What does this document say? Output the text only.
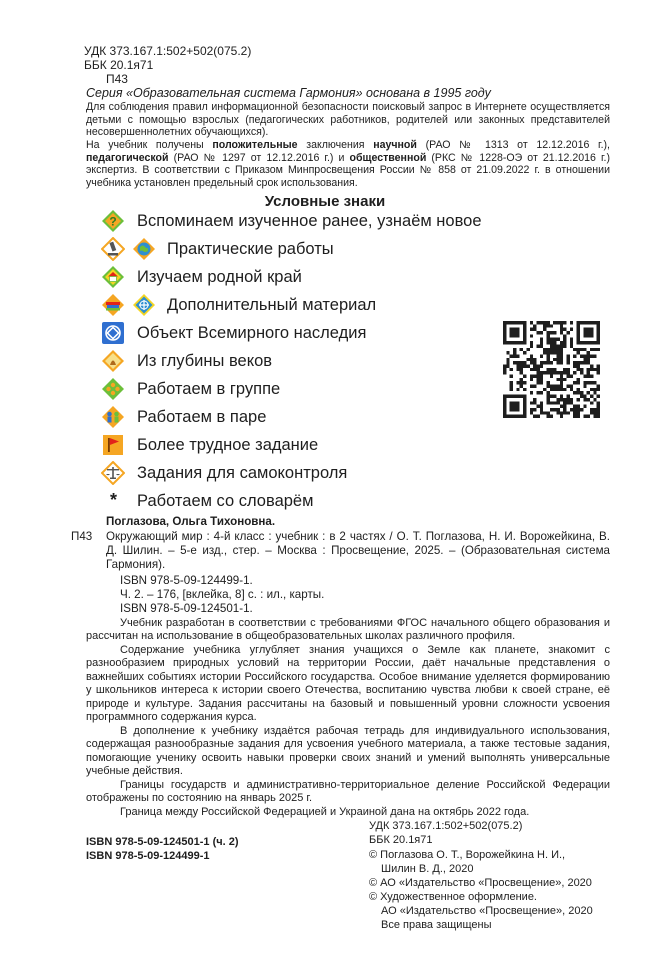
УДК 373.167.1:502+502(075.2)
ББК 20.1я71
П43
Серия «Образовательная система Гармония» основана в 1995 году
Для соблюдения правил информационной безопасности поисковый запрос в Интернете осуществляется детьми с помощью взрослых (педагогических работников, родителей или законных представителей несовершеннолетних обучающихся).
На учебник получены положительные заключения научной (РАО № 1313 от 12.12.2016 г.), педагогической (РАО № 1297 от 12.12.2016 г.) и общественной (РКС № 1228-ОЭ от 21.12.2016 г.) экспертиз. В соответствии с Приказом Минпросвещения России № 858 от 21.09.2022 г. в отношении учебника установлен предельный срок использования.
Условные знаки
? Вспоминаем изученное ранее, узнаём новое
Практические работы
Изучаем родной край
Дополнительный материал
Объект Всемирного наследия
Из глубины веков
Работаем в группе
Работаем в паре
Более трудное задание
Задания для самоконтроля
* Работаем со словарём
Поглазова, Ольга Тихоновна.
П43 Окружающий мир : 4-й класс : учебник : в 2 частях / О. Т. Поглазова, Н. И. Ворожейкина, В. Д. Шилин. – 5-е изд., стер. – Москва : Просвещение, 2025. – (Образовательная система Гармония).
ISBN 978-5-09-124499-1.
Ч. 2. – 176, [вклейка, 8] с. : ил., карты.
ISBN 978-5-09-124501-1.
Учебник разработан в соответствии с требованиями ФГОС начального общего образования и рассчитан на использование в общеобразовательных школах различного профиля.
Содержание учебника углубляет знания учащихся о Земле как планете, знакомит с разнообразием природных условий на территории России, даёт начальные представления о важнейших событиях истории Российского государства. Особое внимание уделяется формированию у школьников интереса к истории своего Отечества, воспитанию чувства любви к своей стране, её природе и культуре. Задания рассчитаны на базовый и повышенный уровни сложности усвоения программного содержания курса.
В дополнение к учебнику издаётся рабочая тетрадь для индивидуального использования, содержащая разнообразные задания для усвоения учебного материала, а также тестовые задания, помогающие ученику освоить навыки проверки своих знаний и умений выполнять универсальные учебные действия.
Границы государств и административно-территориальное деление Российской Федерации отображены по состоянию на январь 2025 г.
Граница между Российской Федерацией и Украиной дана на октябрь 2022 года.
УДК 373.167.1:502+502(075.2)
ББК 20.1я71
ISBN 978-5-09-124501-1 (ч. 2)
ISBN 978-5-09-124499-1	© Поглазова О. Т., Ворожейкина Н. И.,
Шилин В. Д., 2020
© АО «Издательство «Просвещение», 2020
© Художественное оформление.
АО «Издательство «Просвещение», 2020
Все права защищены
